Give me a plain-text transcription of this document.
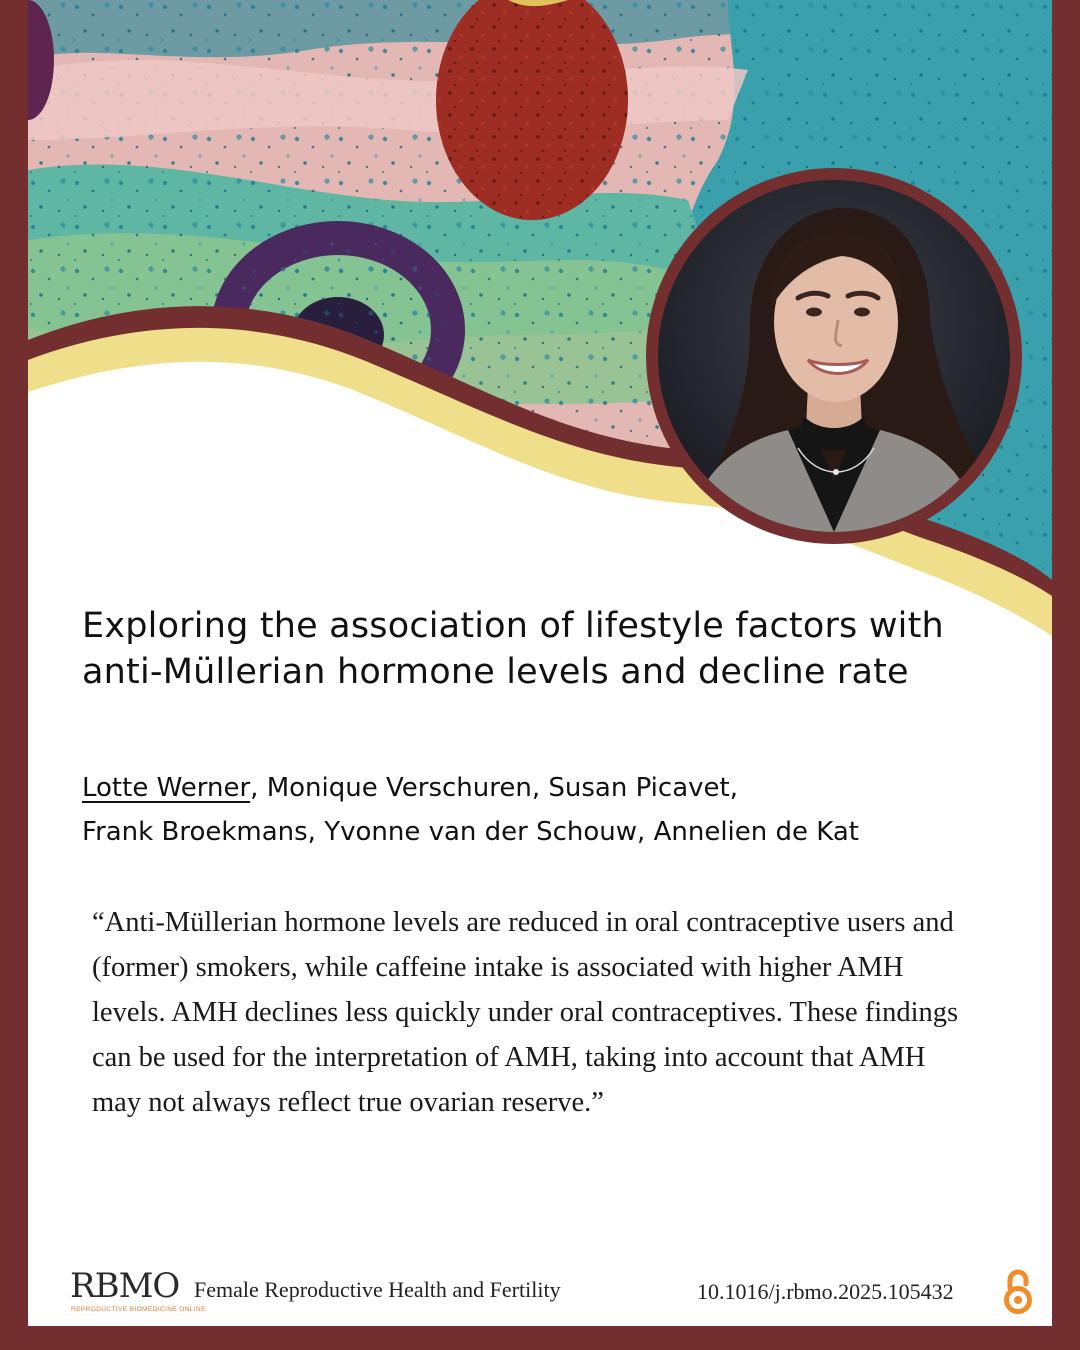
Exploring the association of lifestyle factors with anti-Müllerian hormone levels and decline rate

Lotte Werner, Monique Verschuren, Susan Picavet,
Frank Broekmans, Yvonne van der Schouw, Annelien de Kat

“Anti-Müllerian hormone levels are reduced in oral contraceptive users and (former) smokers, while caffeine intake is associated with higher AMH levels. AMH declines less quickly under oral contraceptives. These findings can be used for the interpretation of AMH, taking into account that AMH may not always reflect true ovarian reserve.”

RBMO
REPRODUCTIVE BIOMEDICINE ONLINE
Female Reproductive Health and Fertility	10.1016/j.rbmo.2025.105432
